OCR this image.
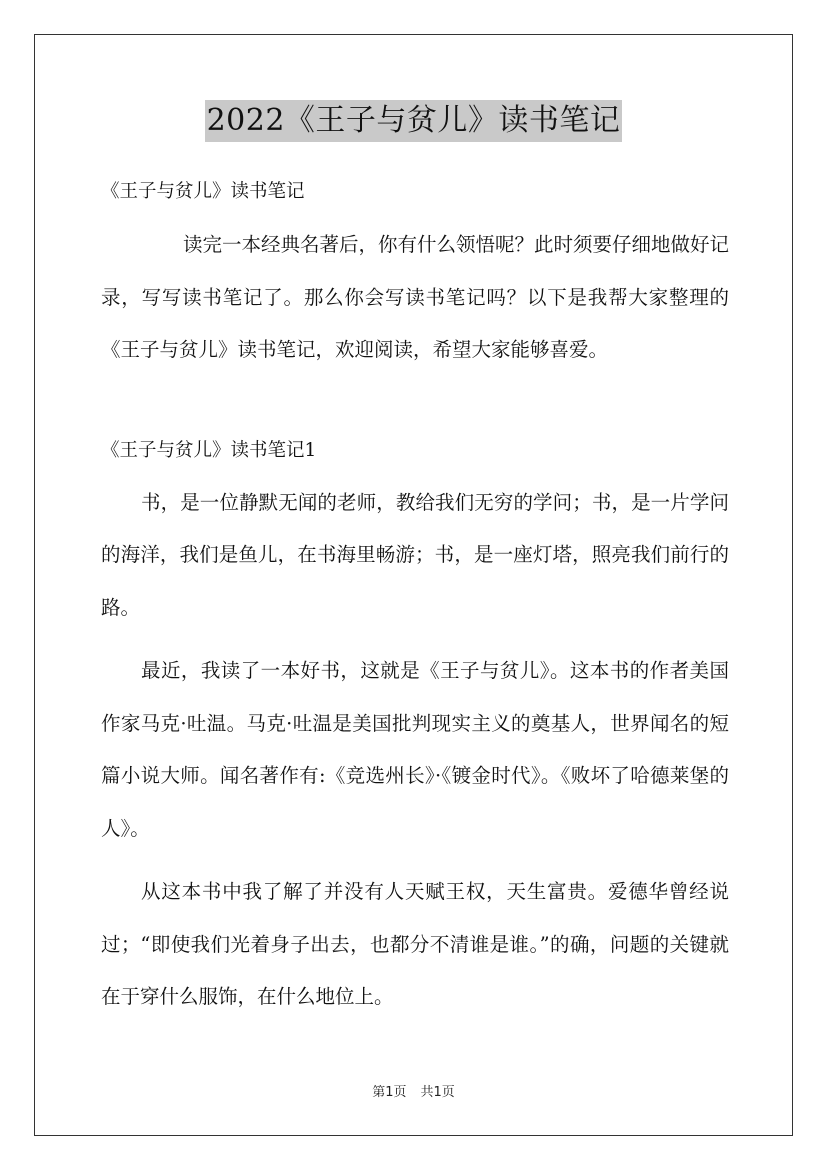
2022《王子与贫儿》读书笔记

《王子与贫儿》读书笔记

读完一本经典名著后，你有什么领悟呢？此时须要仔细地做好记录，写写读书笔记了。那么你会写读书笔记吗？以下是我帮大家整理的《王子与贫儿》读书笔记，欢迎阅读，希望大家能够喜爱。

《王子与贫儿》读书笔记1

书，是一位静默无闻的老师，教给我们无穷的学问；书，是一片学问的海洋，我们是鱼儿，在书海里畅游；书，是一座灯塔，照亮我们前行的路。

最近，我读了一本好书，这就是《王子与贫儿》。这本书的作者美国作家马克·吐温。马克·吐温是美国批判现实主义的奠基人，世界闻名的短篇小说大师。闻名著作有:《竞选州长》·《镀金时代》。《败坏了哈德莱堡的人》。

从这本书中我了解了并没有人天赋王权，天生富贵。爱德华曾经说过；“即使我们光着身子出去，也都分不清谁是谁。”的确，问题的关键就在于穿什么服饰，在什么地位上。

第1页 共1页
